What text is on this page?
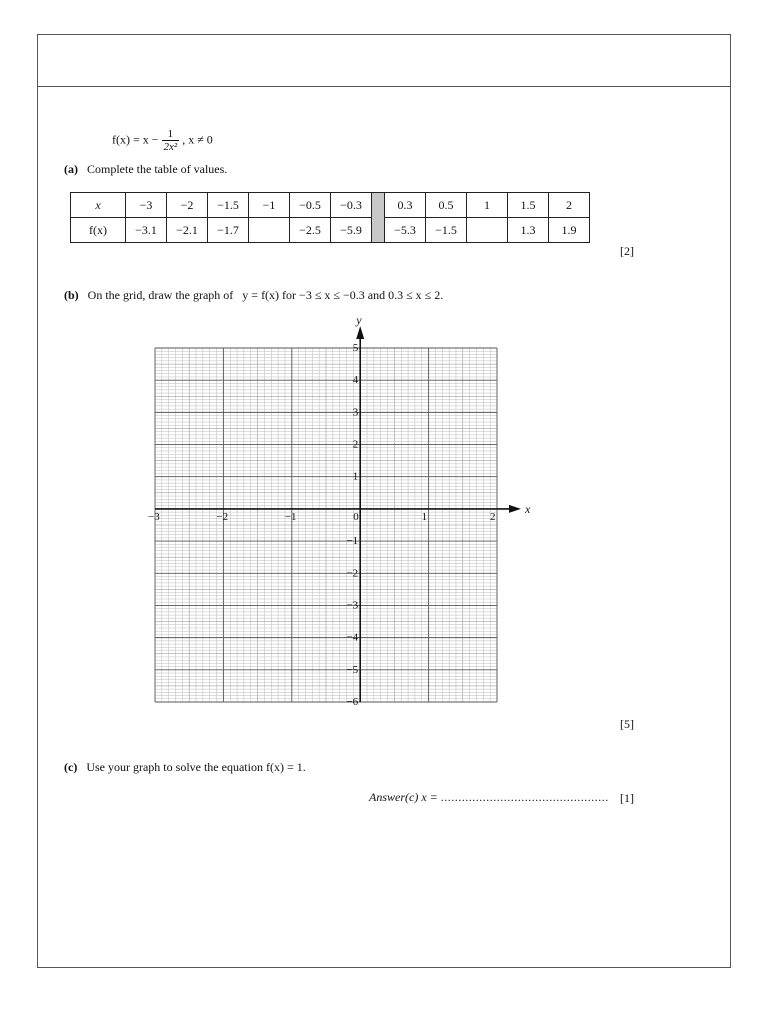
$f(x) = x - \frac{1}{\text{2x²}}$ , x ≠ 0
(a) Complete the table of values.
x	−3	−2	−1.5	−1	−0.5	−0.3		0.3	0.5	1	1.5	2
f(x)	−3.1	−2.1	−1.7		−2.5	−5.9		−5.3	−1.5		1.3	1.9
[2]
(b) On the grid, draw the graph of y = f(x) for −3 ≤ x ≤ −0.3 and 0.3 ≤ x ≤ 2.
x
y
−3	−2	−1	0	1	2
5
4
3
2
1
−1
−2
−3
−4
−5
−6
[5]
(c) Use your graph to solve the equation f(x) = 1.
Answer(c) x = ................................................ [1]
